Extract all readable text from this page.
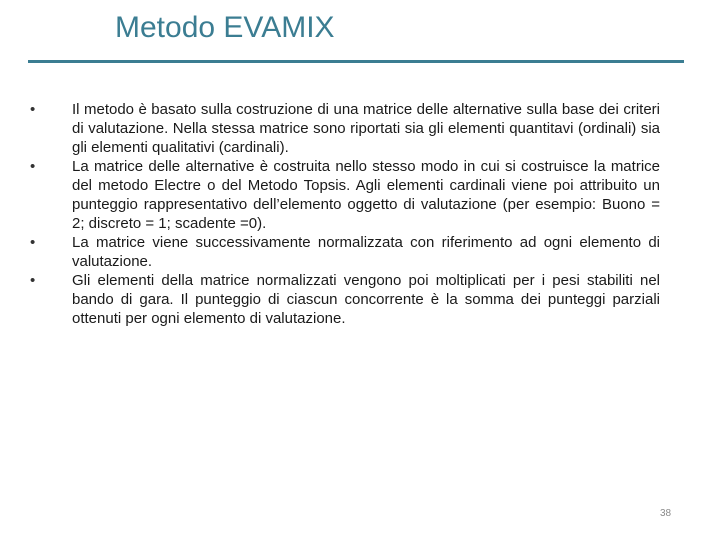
Metodo EVAMIX
•	Il metodo è basato sulla costruzione di una matrice delle alternative sulla base dei criteri di valutazione. Nella stessa matrice sono riportati sia gli elementi quantitavi (ordinali) sia gli elementi qualitativi (cardinali).
•	La matrice delle alternative è costruita nello stesso modo in cui si costruisce la matrice del metodo Electre o del Metodo Topsis. Agli elementi cardinali viene poi attribuito un punteggio rappresentativo dell’elemento oggetto di valutazione (per esempio: Buono = 2; discreto = 1; scadente =0).
•	La matrice viene successivamente normalizzata con riferimento ad ogni elemento di valutazione.
•	Gli elementi della matrice normalizzati vengono poi moltiplicati per i pesi stabiliti nel bando di gara. Il punteggio di ciascun concorrente è la somma dei punteggi parziali ottenuti per ogni elemento di valutazione.
38
